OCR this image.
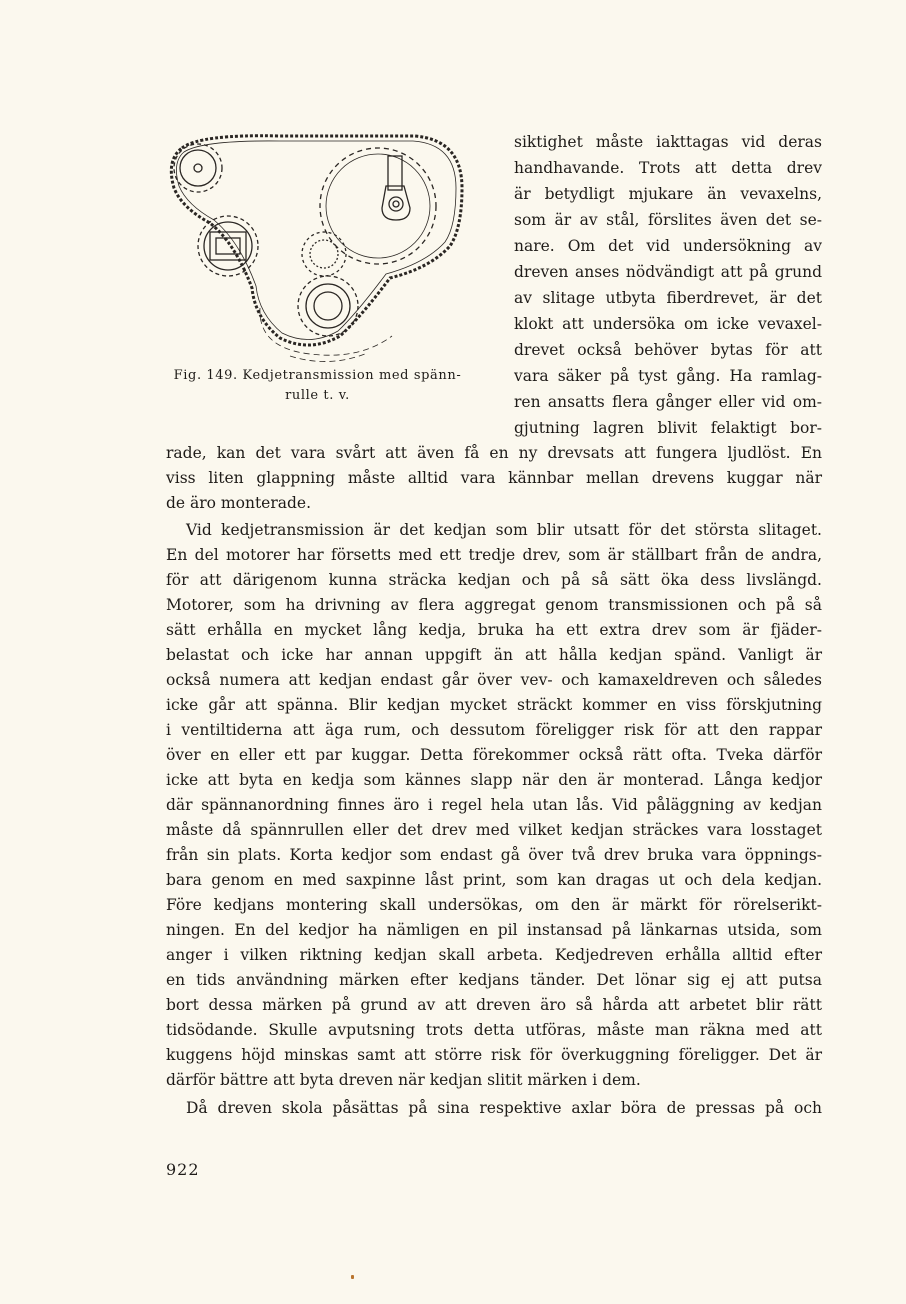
Fig. 149. Kedjetransmission med spänn-
rulle t. v.
siktighet måste iakttagas vid deras
handhavande. Trots att detta drev
är betydligt mjukare än vevaxelns,
som är av stål, förslites även det se-
nare. Om det vid undersökning av
dreven anses nödvändigt att på grund
av slitage utbyta fiberdrevet, är det
klokt att undersöka om icke vevaxel-
drevet också behöver bytas för att
vara säker på tyst gång. Ha ramlag-
ren ansatts flera gånger eller vid om-
gjutning lagren blivit felaktigt bor-
rade, kan det vara svårt att även få en ny drevsats att fungera ljudlöst. En
viss liten glappning måste alltid vara kännbar mellan drevens kuggar när
de äro monterade.
Vid kedjetransmission är det kedjan som blir utsatt för det största slitaget.
En del motorer har försetts med ett tredje drev, som är ställbart från de andra,
för att därigenom kunna sträcka kedjan och på så sätt öka dess livslängd.
Motorer, som ha drivning av flera aggregat genom transmissionen och på så
sätt erhålla en mycket lång kedja, bruka ha ett extra drev som är fjäder-
belastat och icke har annan uppgift än att hålla kedjan spänd. Vanligt är
också numera att kedjan endast går över vev- och kamaxeldreven och således
icke går att spänna. Blir kedjan mycket sträckt kommer en viss förskjutning
i ventiltiderna att äga rum, och dessutom föreligger risk för att den rappar
över en eller ett par kuggar. Detta förekommer också rätt ofta. Tveka därför
icke att byta en kedja som kännes slapp när den är monterad. Långa kedjor
där spännanordning finnes äro i regel hela utan lås. Vid påläggning av kedjan
måste då spännrullen eller det drev med vilket kedjan sträckes vara losstaget
från sin plats. Korta kedjor som endast gå över två drev bruka vara öppnings-
bara genom en med saxpinne låst print, som kan dragas ut och dela kedjan.
Före kedjans montering skall undersökas, om den är märkt för rörelserikt-
ningen. En del kedjor ha nämligen en pil instansad på länkarnas utsida, som
anger i vilken riktning kedjan skall arbeta. Kedjedreven erhålla alltid efter
en tids användning märken efter kedjans tänder. Det lönar sig ej att putsa
bort dessa märken på grund av att dreven äro så hårda att arbetet blir rätt
tidsödande. Skulle avputsning trots detta utföras, måste man räkna med att
kuggens höjd minskas samt att större risk för överkuggning föreligger. Det är
därför bättre att byta dreven när kedjan slitit märken i dem.
Då dreven skola påsättas på sina respektive axlar böra de pressas på och
922
